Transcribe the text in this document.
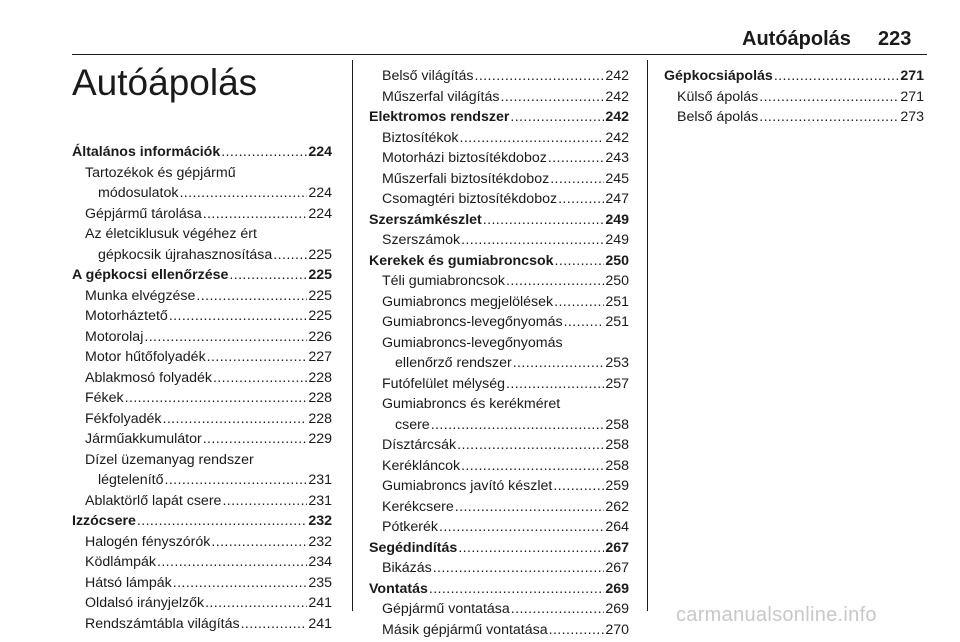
Autóápolás 223
Autóápolás
Általános információk .....	224
Tartozékok és gépjármű
módosulatok .....	224
Gépjármű tárolása .....	224
Az életciklusuk végéhez ért
gépkocsik újrahasznosítása .....	225
A gépkocsi ellenőrzése .....	225
Munka elvégzése .....	225
Motorháztető .....	225
Motorolaj .....	226
Motor hűtőfolyadék .....	227
Ablakmosó folyadék .....	228
Fékek .....	228
Fékfolyadék .....	228
Járműakkumulátor .....	229
Dízel üzemanyag rendszer
légtelenítő .....	231
Ablaktörlő lapát csere .....	231
Izzócsere .....	232
Halogén fényszórók .....	232
Ködlámpák .....	234
Hátsó lámpák .....	235
Oldalsó irányjelzők .....	241
Rendszámtábla világítás .....	241
Belső világítás .....	242
Műszerfal világítás .....	242
Elektromos rendszer .....	242
Biztosítékok .....	242
Motorházi biztosítékdoboz .....	243
Műszerfali biztosítékdoboz .....	245
Csomagtéri biztosítékdoboz .....	247
Szerszámkészlet .....	249
Szerszámok .....	249
Kerekek és gumiabroncsok .....	250
Téli gumiabroncsok .....	250
Gumiabroncs megjelölések .....	251
Gumiabroncs-levegőnyomás .....	251
Gumiabroncs-levegőnyomás
ellenőrző rendszer .....	253
Futófelület mélység .....	257
Gumiabroncs és kerékméret
csere .....	258
Dísztárcsák .....	258
Kerékláncok .....	258
Gumiabroncs javító készlet .....	259
Kerékcsere .....	262
Pótkerék .....	264
Segédindítás .....	267
Bikázás .....	267
Vontatás .....	269
Gépjármű vontatása .....	269
Másik gépjármű vontatása .....	270
Gépkocsiápolás .....	271
Külső ápolás .....	271
Belső ápolás .....	273
carmanualsonline.info
